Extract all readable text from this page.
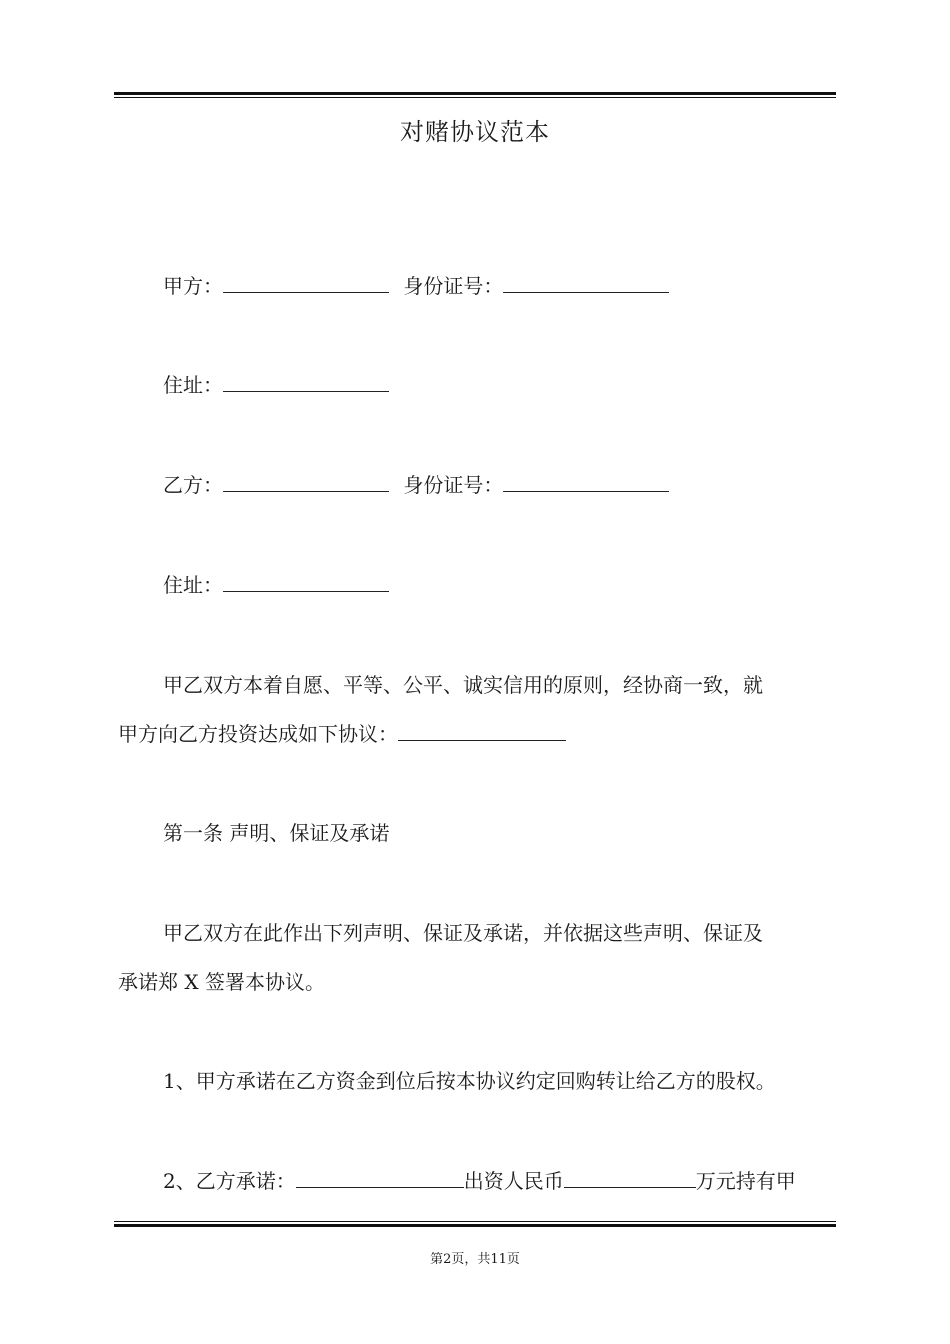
对赌协议范本
甲方：	身份证号：
住址：
乙方：	身份证号：
住址：
甲乙双方本着自愿、平等、公平、诚实信用的原则，经协商一致，就
甲方向乙方投资达成如下协议：
第一条 声明、保证及承诺
甲乙双方在此作出下列声明、保证及承诺，并依据这些声明、保证及
承诺郑 X 签署本协议。
1、甲方承诺在乙方资金到位后按本协议约定回购转让给乙方的股权。
2、乙方承诺：	出资人民币	万元持有甲
第2页，共11页
